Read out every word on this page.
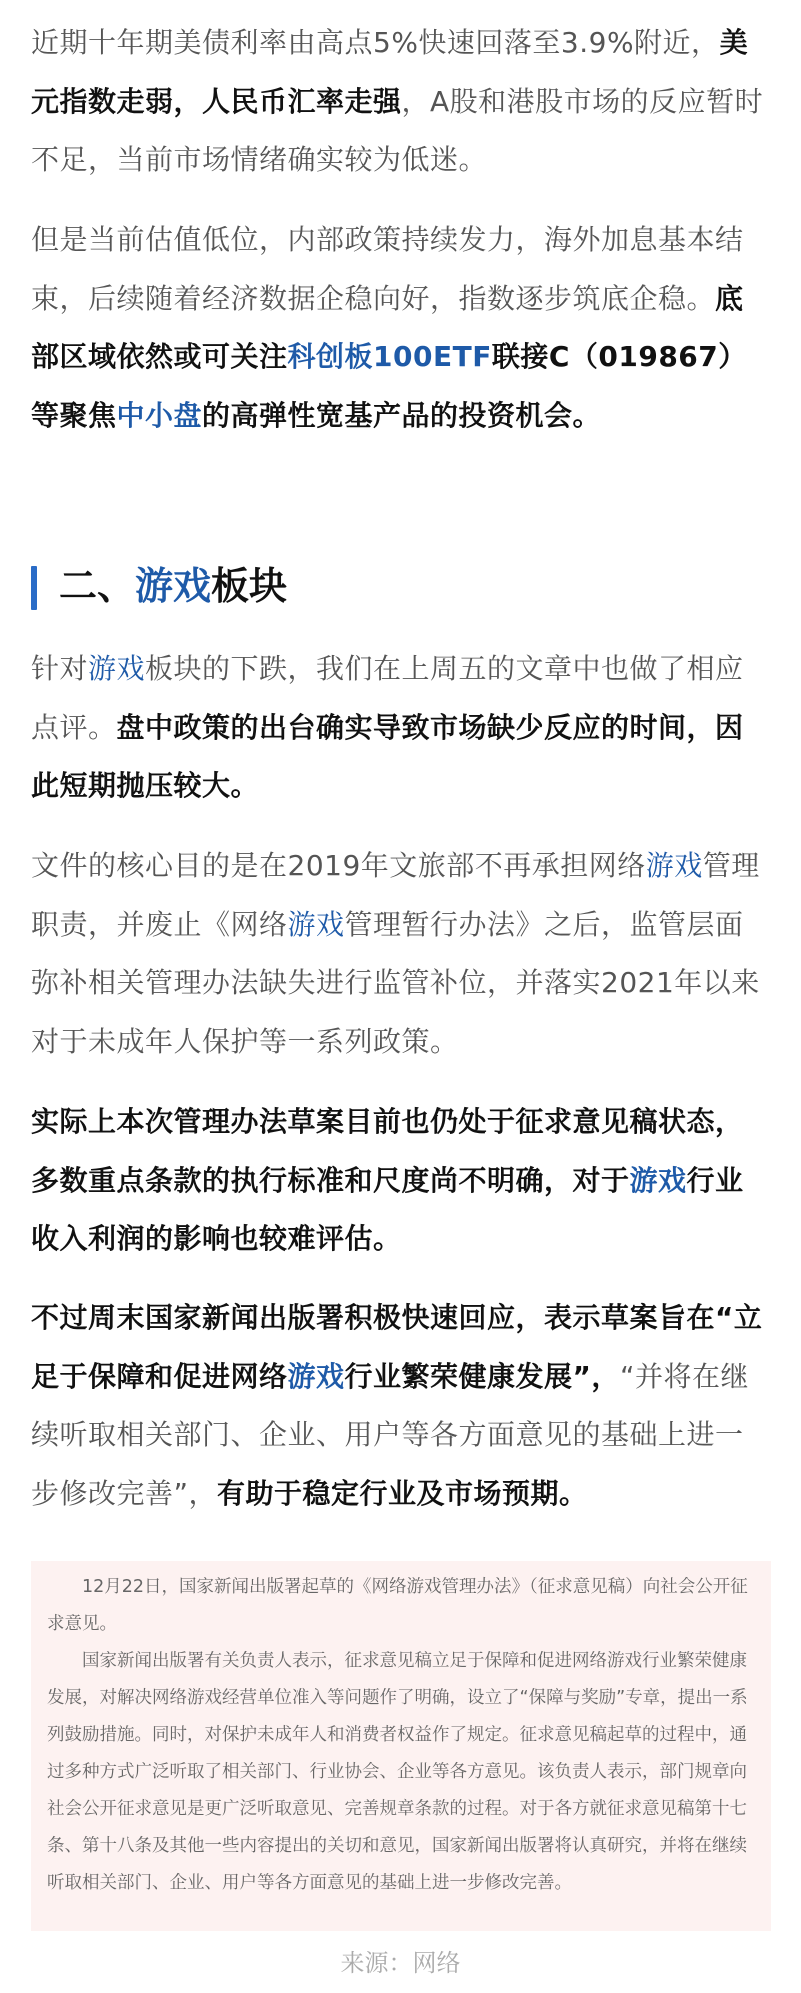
近期十年期美债利率由高点5%快速回落至3.9%附近，美元指数走弱，人民币汇率走强，A股和港股市场的反应暂时不足，当前市场情绪确实较为低迷。

但是当前估值低位，内部政策持续发力，海外加息基本结束，后续随着经济数据企稳向好，指数逐步筑底企稳。底部区域依然或可关注科创板100ETF联接C（019867）等聚焦中小盘的高弹性宽基产品的投资机会。

二、游戏板块

针对游戏板块的下跌，我们在上周五的文章中也做了相应点评。盘中政策的出台确实导致市场缺少反应的时间，因此短期抛压较大。

文件的核心目的是在2019年文旅部不再承担网络游戏管理职责，并废止《网络游戏管理暂行办法》之后，监管层面弥补相关管理办法缺失进行监管补位，并落实2021年以来对于未成年人保护等一系列政策。

实际上本次管理办法草案目前也仍处于征求意见稿状态，多数重点条款的执行标准和尺度尚不明确，对于游戏行业收入利润的影响也较难评估。

不过周末国家新闻出版署积极快速回应，表示草案旨在“立足于保障和促进网络游戏行业繁荣健康发展”，“并将在继续听取相关部门、企业、用户等各方面意见的基础上进一步修改完善”，有助于稳定行业及市场预期。

12月22日，国家新闻出版署起草的《网络游戏管理办法》（征求意见稿）向社会公开征求意见。

国家新闻出版署有关负责人表示，征求意见稿立足于保障和促进网络游戏行业繁荣健康发展，对解决网络游戏经营单位准入等问题作了明确，设立了“保障与奖励”专章，提出一系列鼓励措施。同时，对保护未成年人和消费者权益作了规定。征求意见稿起草的过程中，通过多种方式广泛听取了相关部门、行业协会、企业等各方意见。该负责人表示，部门规章向社会公开征求意见是更广泛听取意见、完善规章条款的过程。对于各方就征求意见稿第十七条、第十八条及其他一些内容提出的关切和意见，国家新闻出版署将认真研究，并将在继续听取相关部门、企业、用户等各方面意见的基础上进一步修改完善。

来源：网络
